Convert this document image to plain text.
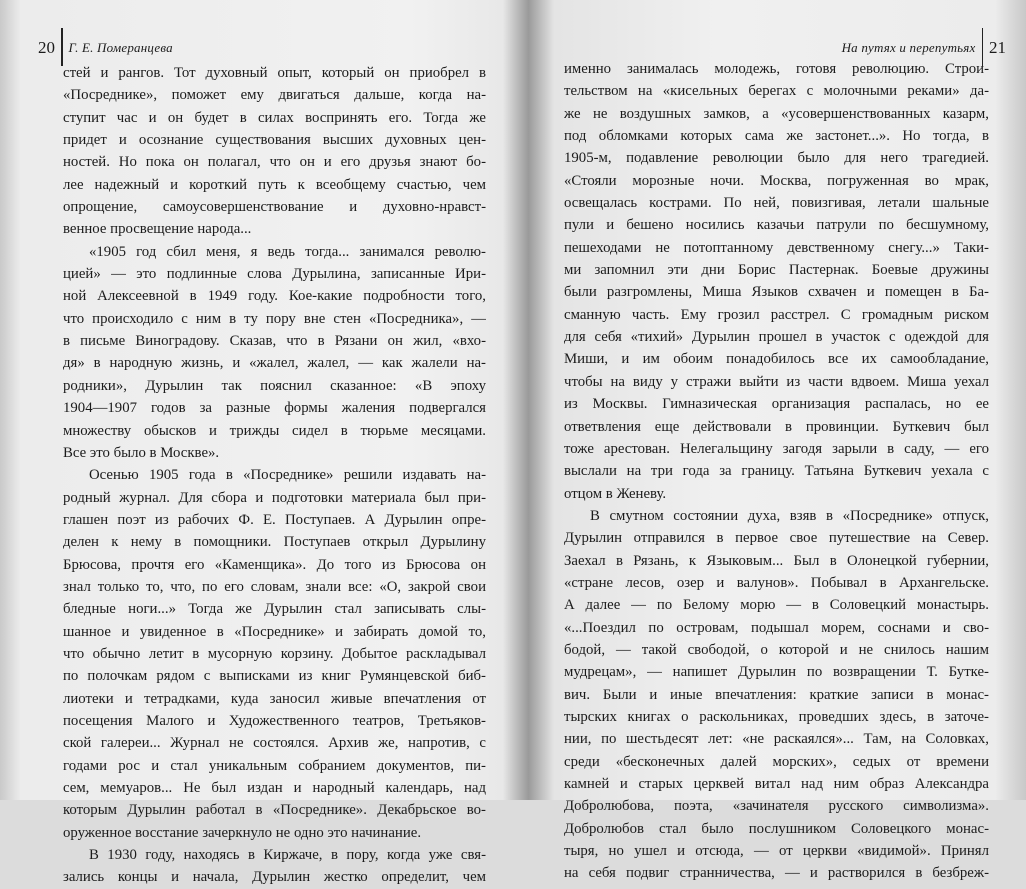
20 Г. Е. Померанцева
стей и рангов. Тот духовный опыт, который он приобрел в
«Посреднике», поможет ему двигаться дальше, когда на-
ступит час и он будет в силах воспринять его. Тогда же
придет и осознание существования высших духовных цен-
ностей. Но пока он полагал, что он и его друзья знают бо-
лее надежный и короткий путь к всеобщему счастью, чем
опрощение, самоусовершенствование и духовно-нравст-
венное просвещение народа...
«1905 год сбил меня, я ведь тогда... занимался револю-
цией» — это подлинные слова Дурылина, записанные Ири-
ной Алексеевной в 1949 году. Кое-какие подробности того,
что происходило с ним в ту пору вне стен «Посредника», —
в письме Виноградову. Сказав, что в Рязани он жил, «вхо-
дя» в народную жизнь, и «жалел, жалел, — как жалели на-
родники», Дурылин так пояснил сказанное: «В эпоху
1904—1907 годов за разные формы жаления подвергался
множеству обысков и трижды сидел в тюрьме месяцами.
Все это было в Москве».
Осенью 1905 года в «Посреднике» решили издавать на-
родный журнал. Для сбора и подготовки материала был при-
глашен поэт из рабочих Ф. Е. Поступаев. А Дурылин опре-
делен к нему в помощники. Поступаев открыл Дурылину
Брюсова, прочтя его «Каменщика». До того из Брюсова он
знал только то, что, по его словам, знали все: «О, закрой свои
бледные ноги...» Тогда же Дурылин стал записывать слы-
шанное и увиденное в «Посреднике» и забирать домой то,
что обычно летит в мусорную корзину. Добытое раскладывал
по полочкам рядом с выписками из книг Румянцевской биб-
лиотеки и тетрадками, куда заносил живые впечатления от
посещения Малого и Художественного театров, Третьяков-
ской галереи... Журнал не состоялся. Архив же, напротив, с
годами рос и стал уникальным собранием документов, пи-
сем, мемуаров... Не был издан и народный календарь, над
которым Дурылин работал в «Посреднике». Декабрьское во-
оруженное восстание зачеркнуло не одно это начинание.
В 1930 году, находясь в Киржаче, в пору, когда уже свя-
зались концы и начала, Дурылин жестко определит, чем
На путях и перепутьях 21
именно занималась молодежь, готовя революцию. Строи-
тельством на «кисельных берегах с молочными реками» да-
же не воздушных замков, а «усовершенствованных казарм,
под обломками которых сама же застонет...». Но тогда, в
1905-м, подавление революции было для него трагедией.
«Стояли морозные ночи. Москва, погруженная во мрак,
освещалась кострами. По ней, повизгивая, летали шальные
пули и бешено носились казачьи патрули по бесшумному,
пешеходами не потоптанному девственному снегу...» Таки-
ми запомнил эти дни Борис Пастернак. Боевые дружины
были разгромлены, Миша Языков схвачен и помещен в Ба-
сманную часть. Ему грозил расстрел. С громадным риском
для себя «тихий» Дурылин прошел в участок с одеждой для
Миши, и им обоим понадобилось все их самообладание,
чтобы на виду у стражи выйти из части вдвоем. Миша уехал
из Москвы. Гимназическая организация распалась, но ее
ответвления еще действовали в провинции. Буткевич был
тоже арестован. Нелегальщину загодя зарыли в саду, — его
выслали на три года за границу. Татьяна Буткевич уехала с
отцом в Женеву.
В смутном состоянии духа, взяв в «Посреднике» отпуск,
Дурылин отправился в первое свое путешествие на Север.
Заехал в Рязань, к Языковым... Был в Олонецкой губернии,
«стране лесов, озер и валунов». Побывал в Архангельске.
А далее — по Белому морю — в Соловецкий монастырь.
«...Поездил по островам, подышал морем, соснами и сво-
бодой, — такой свободой, о которой и не снилось нашим
мудрецам», — напишет Дурылин по возвращении Т. Бутке-
вич. Были и иные впечатления: краткие записи в монас-
тырских книгах о раскольниках, проведших здесь, в заточе-
нии, по шестьдесят лет: «не раскаялся»... Там, на Соловках,
среди «бесконечных далей морских», седых от времени
камней и старых церквей витал над ним образ Александра
Добролюбова, поэта, «зачинателя русского символизма».
Добролюбов стал было послушником Соловецкого монас-
тыря, но ушел и отсюда, — от церкви «видимой». Принял
на себя подвиг странничества, — и растворился в безбреж-
